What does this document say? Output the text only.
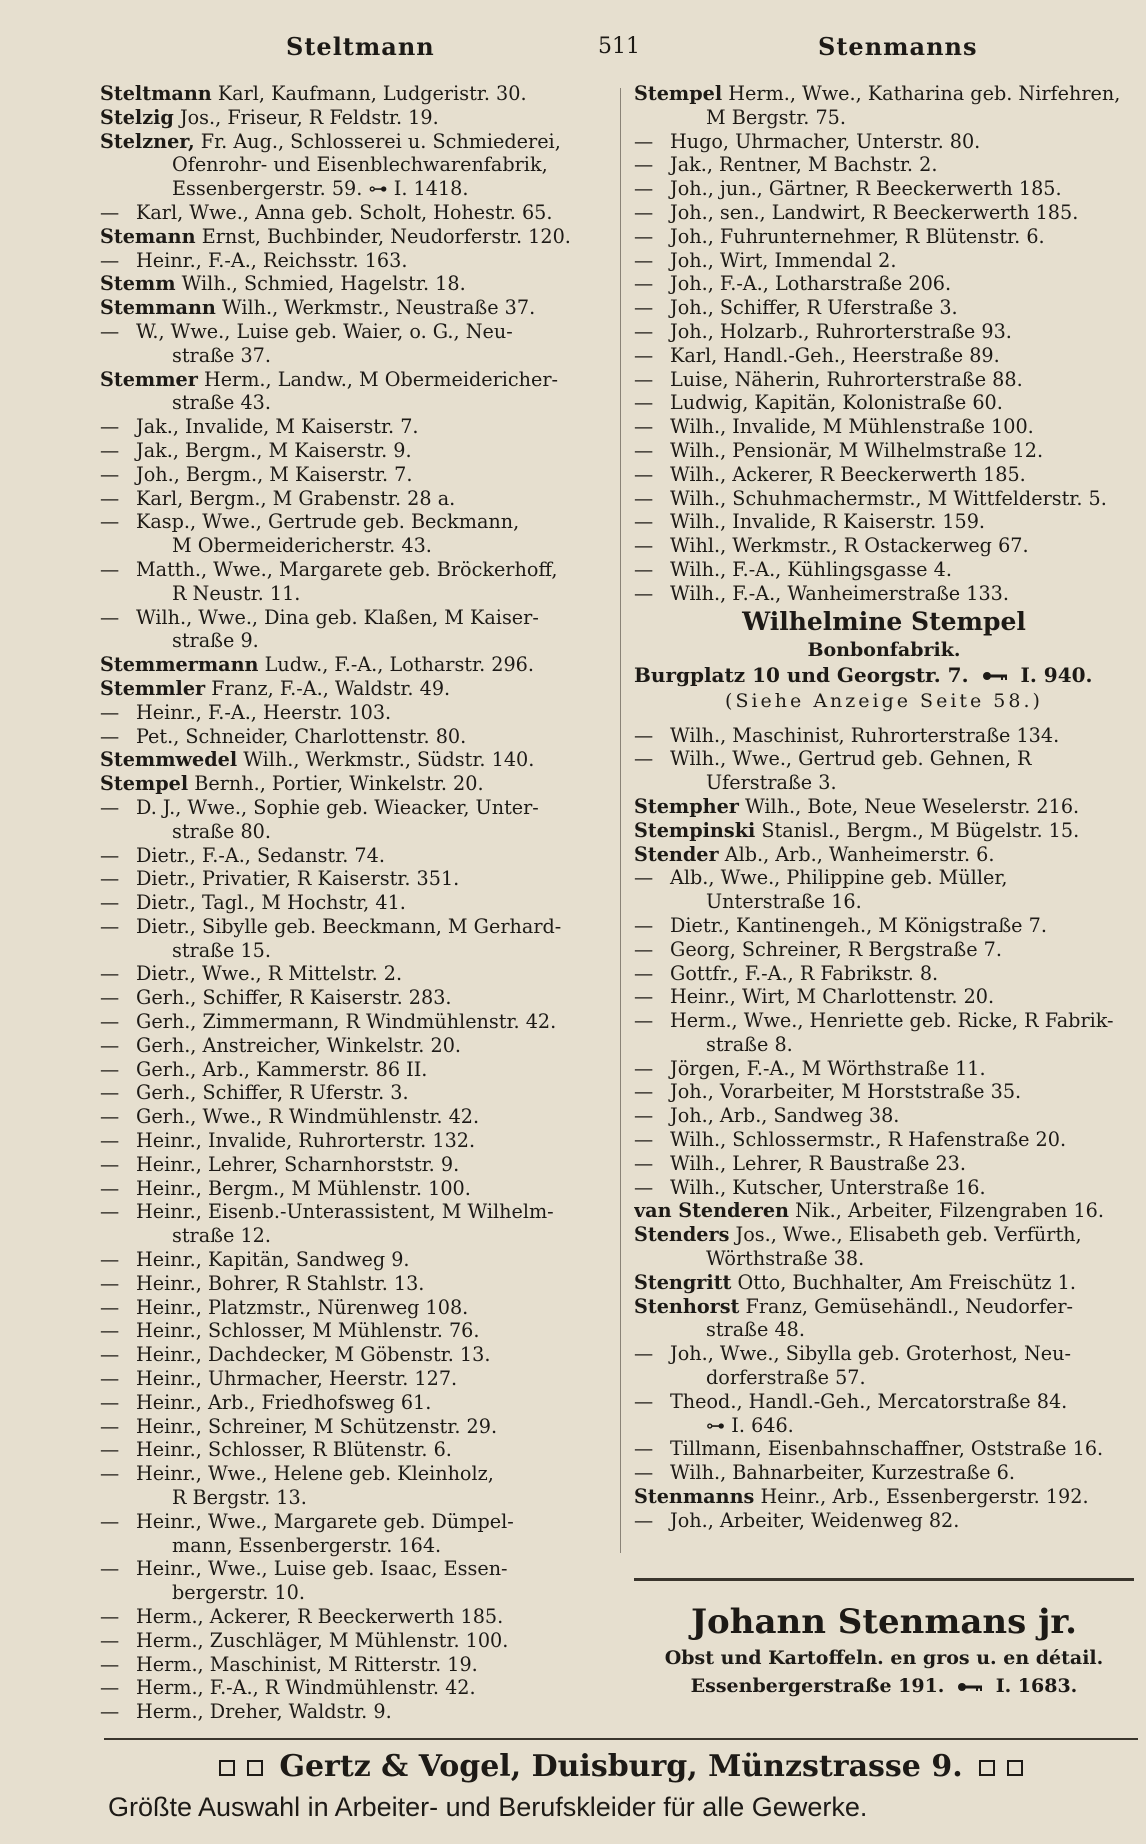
Steltmann	511	Stenmanns
Steltmann Karl, Kaufmann, Ludgeristr. 30.
Stelzig Jos., Friseur, R Feldstr. 19.
Stelzner, Fr. Aug., Schlosserei u. Schmiederei,
Ofenrohr- und Eisenblechwarenfabrik,
Essenbergerstr. 59. ⊶ I. 1418.
— Karl, Wwe., Anna geb. Scholt, Hohestr. 65.
Stemann Ernst, Buchbinder, Neudorferstr. 120.
— Heinr., F.-A., Reichsstr. 163.
Stemm Wilh., Schmied, Hagelstr. 18.
Stemmann Wilh., Werkmstr., Neustraße 37.
— W., Wwe., Luise geb. Waier, o. G., Neu-
straße 37.
Stemmer Herm., Landw., M Obermeidericher-
straße 43.
— Jak., Invalide, M Kaiserstr. 7.
— Jak., Bergm., M Kaiserstr. 9.
— Joh., Bergm., M Kaiserstr. 7.
— Karl, Bergm., M Grabenstr. 28 a.
— Kasp., Wwe., Gertrude geb. Beckmann,
M Obermeidericherstr. 43.
— Matth., Wwe., Margarete geb. Bröckerhoff,
R Neustr. 11.
— Wilh., Wwe., Dina geb. Klaßen, M Kaiser-
straße 9.
Stemmermann Ludw., F.-A., Lotharstr. 296.
Stemmler Franz, F.-A., Waldstr. 49.
— Heinr., F.-A., Heerstr. 103.
— Pet., Schneider, Charlottenstr. 80.
Stemmwedel Wilh., Werkmstr., Südstr. 140.
Stempel Bernh., Portier, Winkelstr. 20.
— D. J., Wwe., Sophie geb. Wieacker, Unter-
straße 80.
— Dietr., F.-A., Sedanstr. 74.
— Dietr., Privatier, R Kaiserstr. 351.
— Dietr., Tagl., M Hochstr, 41.
— Dietr., Sibylle geb. Beeckmann, M Gerhard-
straße 15.
— Dietr., Wwe., R Mittelstr. 2.
— Gerh., Schiffer, R Kaiserstr. 283.
— Gerh., Zimmermann, R Windmühlenstr. 42.
— Gerh., Anstreicher, Winkelstr. 20.
— Gerh., Arb., Kammerstr. 86 II.
— Gerh., Schiffer, R Uferstr. 3.
— Gerh., Wwe., R Windmühlenstr. 42.
— Heinr., Invalide, Ruhrorterstr. 132.
— Heinr., Lehrer, Scharnhorststr. 9.
— Heinr., Bergm., M Mühlenstr. 100.
— Heinr., Eisenb.-Unterassistent, M Wilhelm-
straße 12.
— Heinr., Kapitän, Sandweg 9.
— Heinr., Bohrer, R Stahlstr. 13.
— Heinr., Platzmstr., Nürenweg 108.
— Heinr., Schlosser, M Mühlenstr. 76.
— Heinr., Dachdecker, M Göbenstr. 13.
— Heinr., Uhrmacher, Heerstr. 127.
— Heinr., Arb., Friedhofsweg 61.
— Heinr., Schreiner, M Schützenstr. 29.
— Heinr., Schlosser, R Blütenstr. 6.
— Heinr., Wwe., Helene geb. Kleinholz,
R Bergstr. 13.
— Heinr., Wwe., Margarete geb. Dümpel-
mann, Essenbergerstr. 164.
— Heinr., Wwe., Luise geb. Isaac, Essen-
bergerstr. 10.
— Herm., Ackerer, R Beeckerwerth 185.
— Herm., Zuschläger, M Mühlenstr. 100.
— Herm., Maschinist, M Ritterstr. 19.
— Herm., F.-A., R Windmühlenstr. 42.
— Herm., Dreher, Waldstr. 9.
Stempel Herm., Wwe., Katharina geb. Nirfehren,
M Bergstr. 75.
— Hugo, Uhrmacher, Unterstr. 80.
— Jak., Rentner, M Bachstr. 2.
— Joh., jun., Gärtner, R Beeckerwerth 185.
— Joh., sen., Landwirt, R Beeckerwerth 185.
— Joh., Fuhrunternehmer, R Blütenstr. 6.
— Joh., Wirt, Immendal 2.
— Joh., F.-A., Lotharstraße 206.
— Joh., Schiffer, R Uferstraße 3.
— Joh., Holzarb., Ruhrorterstraße 93.
— Karl, Handl.-Geh., Heerstraße 89.
— Luise, Näherin, Ruhrorterstraße 88.
— Ludwig, Kapitän, Kolonistraße 60.
— Wilh., Invalide, M Mühlenstraße 100.
— Wilh., Pensionär, M Wilhelmstraße 12.
— Wilh., Ackerer, R Beeckerwerth 185.
— Wilh., Schuhmachermstr., M Wittfelderstr. 5.
— Wilh., Invalide, R Kaiserstr. 159.
— Wihl., Werkmstr., R Ostackerweg 67.
— Wilh., F.-A., Kühlingsgasse 4.
— Wilh., F.-A., Wanheimerstraße 133.
Wilhelmine Stempel
Bonbonfabrik.
Burgplatz 10 und Georgstr. 7.	I. 940.
(Siehe Anzeige Seite 58.)
— Wilh., Maschinist, Ruhrorterstraße 134.
— Wilh., Wwe., Gertrud geb. Gehnen, R
Uferstraße 3.
Stempher Wilh., Bote, Neue Weselerstr. 216.
Stempinski Stanisl., Bergm., M Bügelstr. 15.
Stender Alb., Arb., Wanheimerstr. 6.
— Alb., Wwe., Philippine geb. Müller,
Unterstraße 16.
— Dietr., Kantinengeh., M Königstraße 7.
— Georg, Schreiner, R Bergstraße 7.
— Gottfr., F.-A., R Fabrikstr. 8.
— Heinr., Wirt, M Charlottenstr. 20.
— Herm., Wwe., Henriette geb. Ricke, R Fabrik-
straße 8.
— Jörgen, F.-A., M Wörthstraße 11.
— Joh., Vorarbeiter, M Horststraße 35.
— Joh., Arb., Sandweg 38.
— Wilh., Schlossermstr., R Hafenstraße 20.
— Wilh., Lehrer, R Baustraße 23.
— Wilh., Kutscher, Unterstraße 16.
van Stenderen Nik., Arbeiter, Filzengraben 16.
Stenders Jos., Wwe., Elisabeth geb. Verfürth,
Wörthstraße 38.
Stengritt Otto, Buchhalter, Am Freischütz 1.
Stenhorst Franz, Gemüsehändl., Neudorfer-
straße 48.
— Joh., Wwe., Sibylla geb. Groterhost, Neu-
dorferstraße 57.
— Theod., Handl.-Geh., Mercatorstraße 84.
⊶ I. 646.
— Tillmann, Eisenbahnschaffner, Oststraße 16.
— Wilh., Bahnarbeiter, Kurzestraße 6.
Stenmanns Heinr., Arb., Essenbergerstr. 192.
— Joh., Arbeiter, Weidenweg 82.
Johann Stenmans jr.
Obst und Kartoffeln. en gros u. en détail.
Essenbergerstraße 191.	I. 1683.
Gertz & Vogel, Duisburg, Münzstrasse 9.
Größte Auswahl in Arbeiter- und Berufskleider für alle Gewerke.
